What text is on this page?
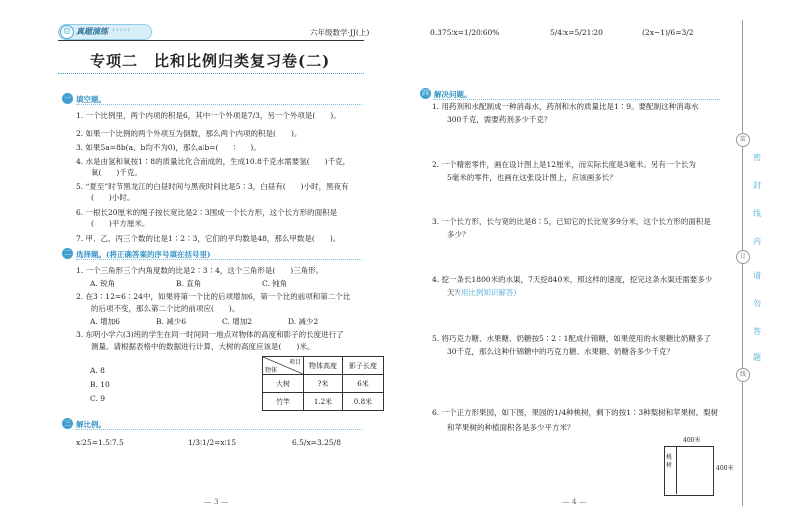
☺ 真题演练 ›››››	六年级数学·JJ(上)
专项二　比和比例归类复习卷(二)
一 填空题。
1. 一个比例里，两个内项的积是6，其中一个外项是7/3，另一个外项是(　　)。
2. 如果一个比例的两个外项互为倒数，那么两个内项的积是(　　)。
3. 如果5a=8b(a、b均不为0)，那么a∶b=(　　∶　　)。
4. 水是由氢和氧按1∶8的质量比化合而成的，生成10.8千克水需要氢(　　)千克，
　　氧(　　)千克。
5. “夏至”时节黑龙江的白昼时间与黑夜时间比是5∶3，白昼有(　　)小时，黑夜有
　　(　　)小时。
6. 一根长20厘米的绳子按长宽比是2∶3围成一个长方形，这个长方形的面积是
　　(　　)平方厘米。
7. 甲、乙、丙三个数的比是1∶2∶3，它们的平均数是48，那么甲数是(　　)。
二 选择题。(将正确答案的序号填在括号里)
1. 一个三角形三个内角度数的比是2∶3∶4，这个三角形是(　　)三角形。
A. 锐角	B. 直角	C. 钝角
2. 在3∶12=6∶24中，如果将第一个比的后项增加6，第一个比的前项和第二个比
　　的后项不变，那么第二个比的前项应(　　)。
A. 增加6	B. 减少6	C. 增加2	D. 减少2
3. 东明小学六(3)班的学生在同一时间同一地点对物体的高度和影子的长度进行了
　　测量。请根据表格中的数据进行计算，大树的高度应该是(　　)米。
A. 8
B. 10
C. 9
项目
物体	物体高度	影子长度
大树	?米	6米
竹竿	1.2米	0.8米
三 解比例。
x∶25=1.5∶7.5	1/3∶1/2=x∶15	6.5/x=3.25/8
— 3 —
0.375∶x=1/20∶60%	5/4∶x=5/21∶20	(2x−1)/6=3/2
四 解决问题。
1. 用药剂和水配制成一种消毒水，药剂和水的质量比是1∶9。要配制这种消毒水
　　300千克，需要药剂多少千克？
2. 一个精密零件，画在设计图上是12厘米，而实际长度是3毫米。另有一个长为
　　5毫米的零件，也画在这张设计图上，应该画多长？
3. 一个长方形，长与宽的比是8∶5，已知它的长比宽多9分米，这个长方形的面积是
　　多少？
4. 挖一条长1800米的水渠，7天挖840米，照这样的速度，挖完这条水渠还需要多少
　　天？
(用比例知识解答)
5. 将巧克力糖、水果糖、奶糖按5∶2∶1配成什锦糖，如果使用的水果糖比奶糖多了
　　30千克，那么这种什锦糖中的巧克力糖、水果糖、奶糖各多少千克？
6. 一个正方形果园，如下图，果园的1/4种桃树，剩下的按1∶3种梨树和苹果树。梨树
　　和苹果树的种植面积各是多少平方米？
400米
桃树	400米
— 4 —
装
订
线
密
封
线
内
请
勿
答
题
